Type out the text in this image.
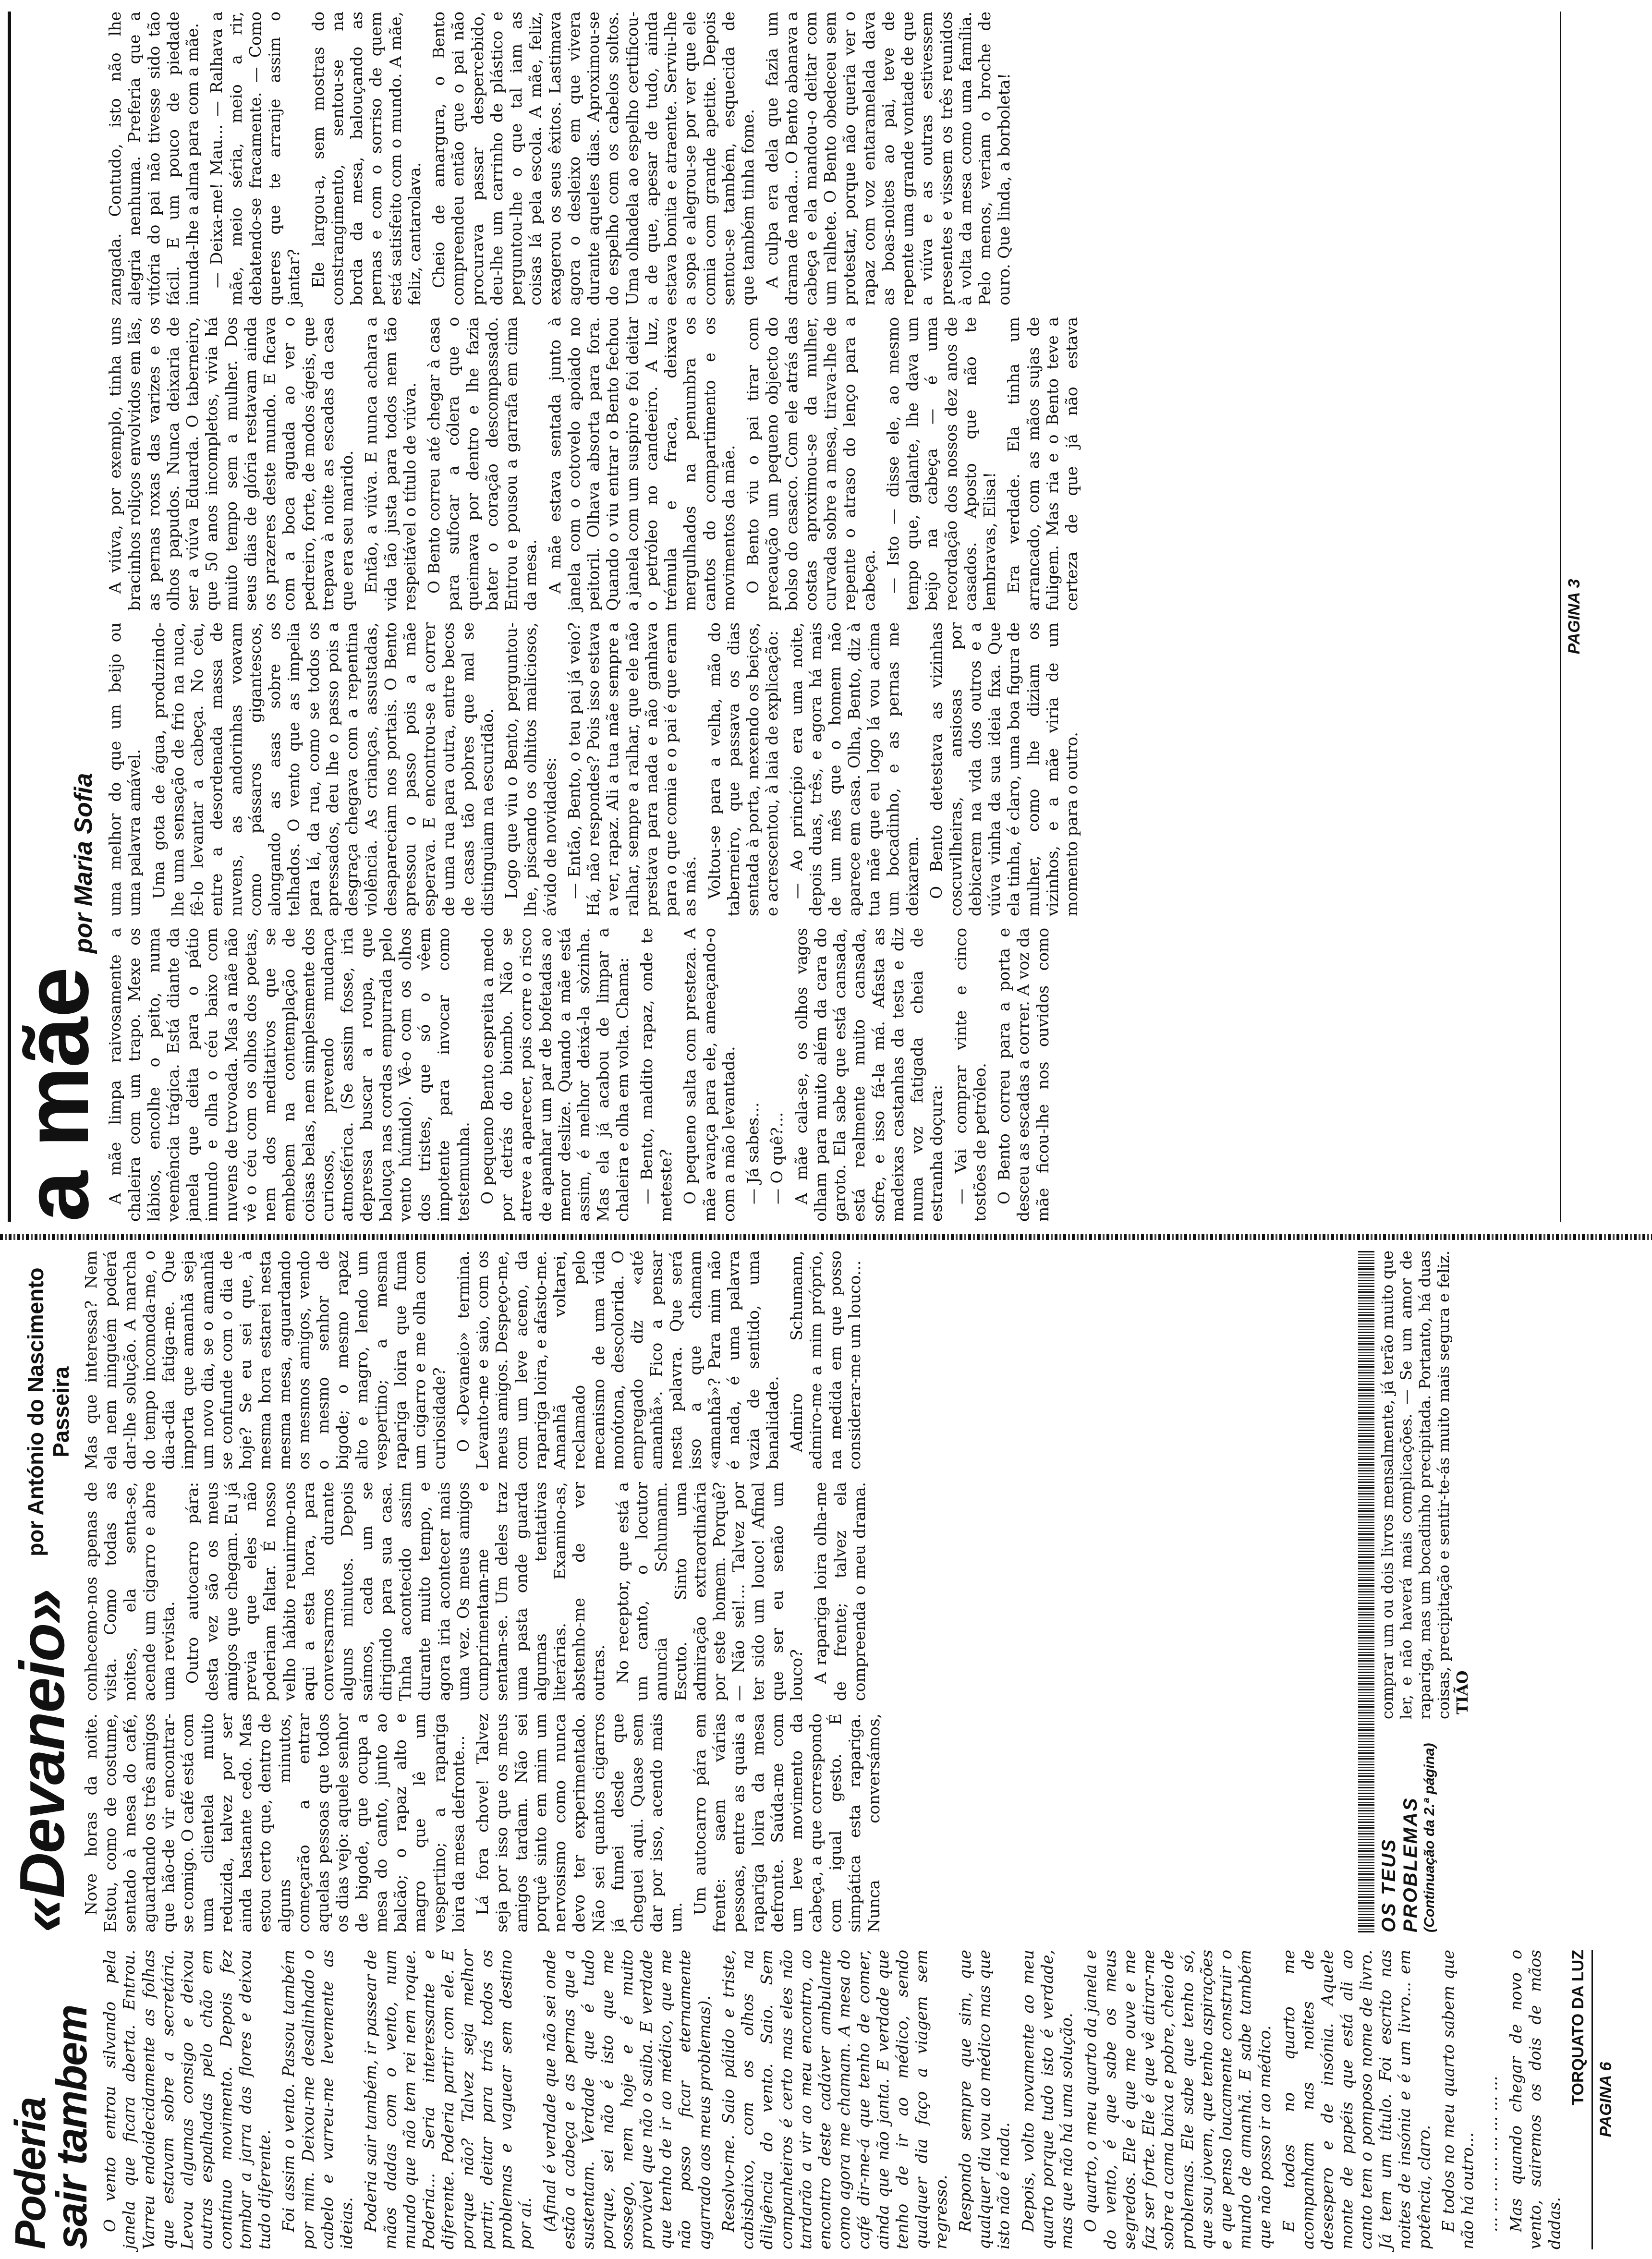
Poderia
sair tambem O vento entrou silvando pela janela que ficara aberta. Entrou. Varreu endoidecidamente as folhas que estavam sobre a secretária. Levou algumas consigo e deixou outras espalhadas pelo chão em contínuo movimento. Depois fez tombar a jarra das flores e deixou tudo diferente. Foi assim o vento. Passou também por mim. Deixou-me desalinhado o cabelo e varreu-me levemente as ideias. Poderia sair também, ir passear de mãos dadas com o vento, num mundo que não tem rei nem roque. Poderia... Seria interessante e diferente. Poderia partir com ele. E porque não? Talvez seja melhor partir, deitar para trás todos os problemas e vaguear sem destino por aí. (Afinal é verdade que não sei onde estão a cabeça e as pernas que a sustentam. Verdade que é tudo porque, sei não é isto que me sossego, nem hoje e é muito provável que não o saiba. E verdade que tenho de ir ao médico, que me não posso ficar eternamente agarrado aos meus problemas). Resolvo-me. Saio pálido e triste, cabisbaixo, com os olhos na diligência do vento. Saio. Sem companheiros é certo mas eles não tardarão a vir ao meu encontro, ao encontro deste cadáver ambulante como agora me chamam. A mesa do café dir-me-á que tenho de comer, ainda que não janta. E verdade que tenho de ir ao médico, sendo qualquer dia faço a viagem sem regresso. Respondo sempre que sim, que qualquer dia vou ao médico mas que isto não é nada. Depois, volto novamente ao meu quarto porque tudo isto é verdade, mas que não há uma solução. O quarto, o meu quarto da janela e do vento, é que sabe os meus segredos. Ele é que me ouve e me faz ser forte. Ele é que vê atirar-me sobre a cama baixa e pobre, cheio de problemas. Ele sabe que tenho só, que sou jovem, que tenho aspirações e que penso loucamente construir o mundo de amanhã. E sabe também que não posso ir ao médico. E todos no quarto me acompanham nas noites de desespero e de insónia. Aquele monte de papéis que está ali ao canto tem o pomposo nome de livro. Já tem um título. Foi escrito nas noites de insónia e é um livro... em potência, claro. E todos no meu quarto sabem que não há outro... ... ... ... ... ... ... ... ... Mas quando chegar de novo o vento, sairemos os dois de mãos dadas.

TORQUATO DA LUZ PAGINA 6
«Devaneio»
por António do Nascimento Passeira

Nove horas da noite. Estou, como de costume, sentado à mesa do café, aguardando os três amigos que hão-de vir encontrar-se comigo. O café está com uma clientela muito reduzida, talvez por ser ainda bastante cedo. Mas estou certo que, dentro de alguns minutos, começarão a entrar aquelas pessoas que todos os dias vejo: aquele senhor de bigode, que ocupa a mesa do canto, junto ao balcão; o rapaz alto e magro que lê um vespertino; a rapariga loira da mesa defronte... Lá fora chove! Talvez seja por isso que os meus amigos tardam. Não sei porquê sinto em mim um nervosismo como nunca devo ter experimentado. Não sei quantos cigarros já fumei desde que cheguei aqui. Quase sem dar por isso, acendo mais um.

Um autocarro pára em frente: saem várias pessoas, entre as quais a rapariga loira da mesa defronte. Saúda-me com um leve movimento da cabeça, a que correspondo com igual gesto. É simpática esta rapariga. Nunca conversámos, conhecemo-nos apenas de vista. Como todas as noites, ela senta-se, acende um cigarro e abre uma revista. Outro autocarro pára: desta vez são os meus amigos que chegam. Eu já previa que eles não poderiam faltar. É nosso velho hábito reunirmo-nos aqui a esta hora, para conversarmos durante alguns minutos. Depois saímos, cada um se dirigindo para sua casa. Tinha acontecido assim durante muito tempo, e agora iria acontecer mais uma vez. Os meus amigos cumprimentam-me e sentam-se. Um deles traz uma pasta onde guarda algumas tentativas literárias. Examino-as, abstenho-me de ver outras. No receptor, que está a um canto, o locutor anuncia Schumann. Escuto. Sinto uma admiração extraordinária por este homem. Porquê? — Não sei!... Talvez por ter sido um louco! Afinal que ser eu senão um louco? A rapariga loira olha-me de frente; talvez ela compreenda o meu drama. Mas que interessa? Nem ela nem ninguém poderá dar-lhe solução. A marcha do tempo incomoda-me, o dia-a-dia fatiga-me. Que importa que amanhã seja um novo dia, se o amanhã se confunde com o dia de hoje? Se eu sei que, à mesma hora estarei nesta mesma mesa, aguardando os mesmos amigos, vendo o mesmo senhor de bigode; o mesmo rapaz alto e magro, lendo um vespertino; a mesma rapariga loira que fuma um cigarro e me olha com curiosidade? O «Devaneio» termina. Levanto-me e saio, com os meus amigos. Despeço-me, com um leve aceno, da rapariga loira, e afasto-me. Amanhã voltarei, reclamado pelo mecanismo de uma vida monótona, descolorida. O empregado diz «até amanhã». Fico a pensar nesta palavra. Que será isso a que chamam «amanhã»? Para mim não é nada, é uma palavra vazia de sentido, uma banalidade. Admiro Schumann, admiro-me a mim próprio, na medida em que posso considerar-me um louco...

OS TEUS PROBLEMAS (Continuação da 2.ª página)
comprar um ou dois livros mensalmente, já terão muito que ler, e não haverá mais complicações. — Se um amor de rapariga, mas um bocadinho precipitada. Portanto, há duas coisas, precipitação e sentir-te-ás muito mais segura e feliz. TIÃO
a mãe
por Maria Sofia

A mãe limpa raivosamente a chaleira com um trapo. Mexe os lábios, encolhe o peito, numa veemência trágica. Está diante da janela que deita para o pátio imundo e olha o céu baixo com nuvens de trovoada. Mas a mãe não vê o céu com os olhos dos poetas, nem dos meditativos que se embebem na contemplação de coisas belas, nem simplesmente dos curiosos, prevendo mudança atmosférica. (Se assim fosse, iria depressa buscar a roupa, que balouça nas cordas empurrada pelo vento húmido). Vê-o com os olhos dos tristes, que só o vêem impotente para invocar como testemunha. O pequeno Bento espreita a medo por detrás do biombo. Não se atreve a aparecer, pois corre o risco de apanhar um par de bofetadas ao menor deslize. Quando a mãe está assim, é melhor deixá-la sòzinha. Mas ela já acabou de limpar a chaleira e olha em volta. Chama: — Bento, maldito rapaz, onde te meteste? O pequeno salta com presteza. A mãe avança para ele, ameaçando-o com a mão levantada. — Já sabes... — O quê?... A mãe cala-se, os olhos vagos olham para muito além da cara do garoto. Ela sabe que está cansada, está realmente muito cansada, sofre, e isso fá-la má. Afasta as madeixas castanhas da testa e diz numa voz fatigada cheia de estranha doçura: — Vai comprar vinte e cinco tostões de petróleo. O Bento correu para a porta e desceu as escadas a correr. A voz da mãe ficou-lhe nos ouvidos como uma melhor do que um beijo ou uma palavra amável. Uma gota de água, produzindo-lhe uma sensação de frio na nuca, fê-lo levantar a cabeça. No céu, entre a desordenada massa de nuvens, as andorinhas voavam como pássaros gigantescos, alongando as asas sobre os telhados. O vento que as impelia para lá, da rua, como se todos os apressados, deu lhe o passo pois a desgraça chegava com a repentina violência. As crianças, assustadas, desapareciam nos portais. O Bento apressou o passo pois a mãe esperava. E encontrou-se a correr de uma rua para outra, entre becos de casas tão pobres que mal se distinguiam na escuridão. Logo que viu o Bento, perguntou-lhe, piscando os olhitos maliciosos, ávido de novidades: — Então, Bento, o teu pai já veio? Há, não respondes? Pois isso estava a ver, rapaz. Ali a tua mãe sempre a ralhar, sempre a ralhar, que ele não prestava para nada e não ganhava para o que comia e o pai é que eram as más. Voltou-se para a velha, mão do taberneiro, que passava os dias sentada à porta, mexendo os beiços, e acrescentou, à laia de explicação: — Ao princípio era uma noite, depois duas, três, e agora há mais de um mês que o homem não aparece em casa. Olha, Bento, diz à tua mãe que eu logo lá vou acima um bocadinho, e as pernas me deixarem. O Bento detestava as vizinhas coscuvilheiras, ansiosas por debicarem na vida dos outros e a viúva vinha da sua ideia fixa. Que ela tinha, é claro, uma boa figura de mulher, como lhe diziam os vizinhos, e a mãe viria de um momento para o outro.

A viúva, por exemplo, tinha uns bracinhos roliços envolvidos em lãs, as pernas roxas das varizes e os olhos papudos. Nunca deixaria de ser a viúva Eduarda. O taberneiro, que 50 anos incompletos, vivia há muito tempo sem a mulher. Dos seus dias de glória restavam ainda os prazeres deste mundo. E ficava com a boca aguada ao ver o pedreiro, forte, de modos ágeis, que trepava à noite as escadas da casa que era seu marido. Então, a viúva. E nunca achara a vida tão justa para todos nem tão respeitável o título de viúva. O Bento correu até chegar à casa para sufocar a cólera que o queimava por dentro e lhe fazia bater o coração descompassado. Entrou e pousou a garrafa em cima da mesa. A mãe estava sentada junto à janela com o cotovelo apoiado no peitoril. Olhava absorta para fora. Quando o viu entrar o Bento fechou a janela com um suspiro e foi deitar o petróleo no candeeiro. A luz, trémula e fraca, deixava mergulhados na penumbra os cantos do compartimento e os movimentos da mãe. O Bento viu o pai tirar com precaução um pequeno objecto do bolso do casaco. Com ele atrás das costas aproximou-se da mulher, curvada sobre a mesa, tirava-lhe de repente o atraso do lenço para a cabeça. — Isto — disse ele, ao mesmo tempo que, galante, lhe dava um beijo na cabeça — é uma recordação dos nossos dez anos de casados. Aposto que não te lembravas, Elisa! Era verdade. Ela tinha um arrancado, com as mãos sujas de fuligem. Mas ria e o Bento teve a certeza de que já não estava zangada. Contudo, isto não lhe alegria nenhuma. Preferia que a vitória do pai não tivesse sido tão fácil. E um pouco de piedade inunda-lhe a alma para com a mãe. — Deixa-me! Mau... — Ralhava a mãe, meio séria, meio a rir, debatendo-se fracamente. — Como queres que te arranje assim o jantar? Ele largou-a, sem mostras do constrangimento, sentou-se na borda da mesa, balouçando as pernas e com o sorriso de quem está satisfeito com o mundo. A mãe, feliz, cantarolava. Cheio de amargura, o Bento compreendeu então que o pai não procurava passar despercebido, deu-lhe um carrinho de plástico e perguntou-lhe o que tal iam as coisas lá pela escola. A mãe, feliz, exagerou os seus êxitos. Lastimava agora o desleixo em que vivera durante aqueles dias. Aproximou-se do espelho com os cabelos soltos. Uma olhadela ao espelho certificou-a de que, apesar de tudo, ainda estava bonita e atraente. Serviu-lhe a sopa e alegrou-se por ver que ele comia com grande apetite. Depois sentou-se também, esquecida de que também tinha fome. A culpa era dela que fazia um drama de nada... O Bento abanava a cabeça e ela mandou-o deitar com um ralhete. O Bento obedeceu sem protestar, porque não queria ver o rapaz com voz entaramelada dava as boas-noites ao pai, teve de repente uma grande vontade de que a viúva e as outras estivessem presentes e vissem os três reunidos à volta da mesa como uma família. Pelo menos, veriam o broche de ouro. Que linda, a borboleta!

PAGINA 3
